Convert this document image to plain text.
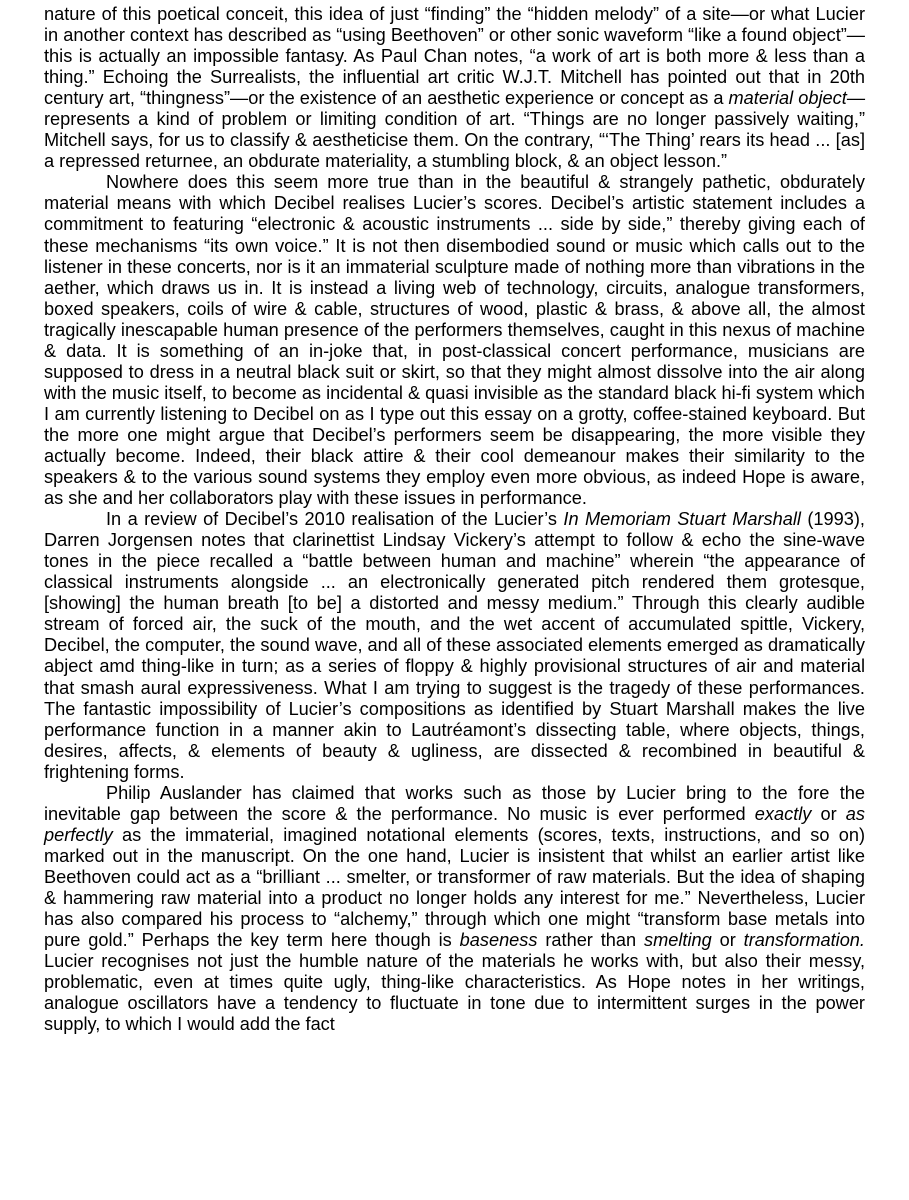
nature of this poetical conceit, this idea of just “finding” the “hidden melody” of a site—or what Lucier in another context has described as “using Beethoven” or other sonic waveform “like a found object”—this is actually an impossible fantasy. As Paul Chan notes, “a work of art is both more & less than a thing.” Echoing the Surrealists, the influential art critic W.J.T. Mitchell has pointed out that in 20th century art, “thingness”—or the existence of an aesthetic experience or concept as a material object—represents a kind of problem or limiting condition of art. “Things are no longer passively waiting,” Mitchell says, for us to classify & aestheticise them. On the contrary, “‘The Thing’ rears its head ... [as] a repressed returnee, an obdurate materiality, a stumbling block, & an object lesson.”

Nowhere does this seem more true than in the beautiful & strangely pathetic, obdurately material means with which Decibel realises Lucier’s scores. Decibel’s artistic statement includes a commitment to featuring “electronic & acoustic instruments ... side by side,” thereby giving each of these mechanisms “its own voice.” It is not then disembodied sound or music which calls out to the listener in these concerts, nor is it an immaterial sculpture made of nothing more than vibrations in the aether, which draws us in. It is instead a living web of technology, circuits, analogue transformers, boxed speakers, coils of wire & cable, structures of wood, plastic & brass, & above all, the almost tragically inescapable human presence of the performers themselves, caught in this nexus of machine & data. It is something of an in-joke that, in post-classical concert performance, musicians are supposed to dress in a neutral black suit or skirt, so that they might almost dissolve into the air along with the music itself, to become as incidental & quasi invisible as the standard black hi-fi system which I am currently listening to Decibel on as I type out this essay on a grotty, coffee-stained keyboard. But the more one might argue that Decibel’s performers seem be disappearing, the more visible they actually become. Indeed, their black attire & their cool demeanour makes their similarity to the speakers & to the various sound systems they employ even more obvious, as indeed Hope is aware, as she and her collaborators play with these issues in performance.

In a review of Decibel’s 2010 realisation of the Lucier’s In Memoriam Stuart Marshall (1993), Darren Jorgensen notes that clarinettist Lindsay Vickery’s attempt to follow & echo the sine-wave tones in the piece recalled a “battle between human and machine” wherein “the appearance of classical instruments alongside ... an electronically generated pitch rendered them grotesque, [showing] the human breath [to be] a distorted and messy medium.” Through this clearly audible stream of forced air, the suck of the mouth, and the wet accent of accumulated spittle, Vickery, Decibel, the computer, the sound wave, and all of these associated elements emerged as dramatically abject amd thing-like in turn; as a series of floppy & highly provisional structures of air and material that smash aural expressiveness. What I am trying to suggest is the tragedy of these performances. The fantastic impossibility of Lucier’s compositions as identified by Stuart Marshall makes the live performance function in a manner akin to Lautréamont’s dissecting table, where objects, things, desires, affects, & elements of beauty & ugliness, are dissected & recombined in beautiful & frightening forms.

Philip Auslander has claimed that works such as those by Lucier bring to the fore the inevitable gap between the score & the performance. No music is ever performed exactly or as perfectly as the immaterial, imagined notational elements (scores, texts, instructions, and so on) marked out in the manuscript. On the one hand, Lucier is insistent that whilst an earlier artist like Beethoven could act as a “brilliant ... smelter, or transformer of raw materials. But the idea of shaping & hammering raw material into a product no longer holds any interest for me.” Nevertheless, Lucier has also compared his process to “alchemy,” through which one might “transform base metals into pure gold.” Perhaps the key term here though is baseness rather than smelting or transformation. Lucier recognises not just the humble nature of the materials he works with, but also their messy, problematic, even at times quite ugly, thing-like characteristics. As Hope notes in her writings, analogue oscillators have a tendency to fluctuate in tone due to intermittent surges in the power supply, to which I would add the fact
